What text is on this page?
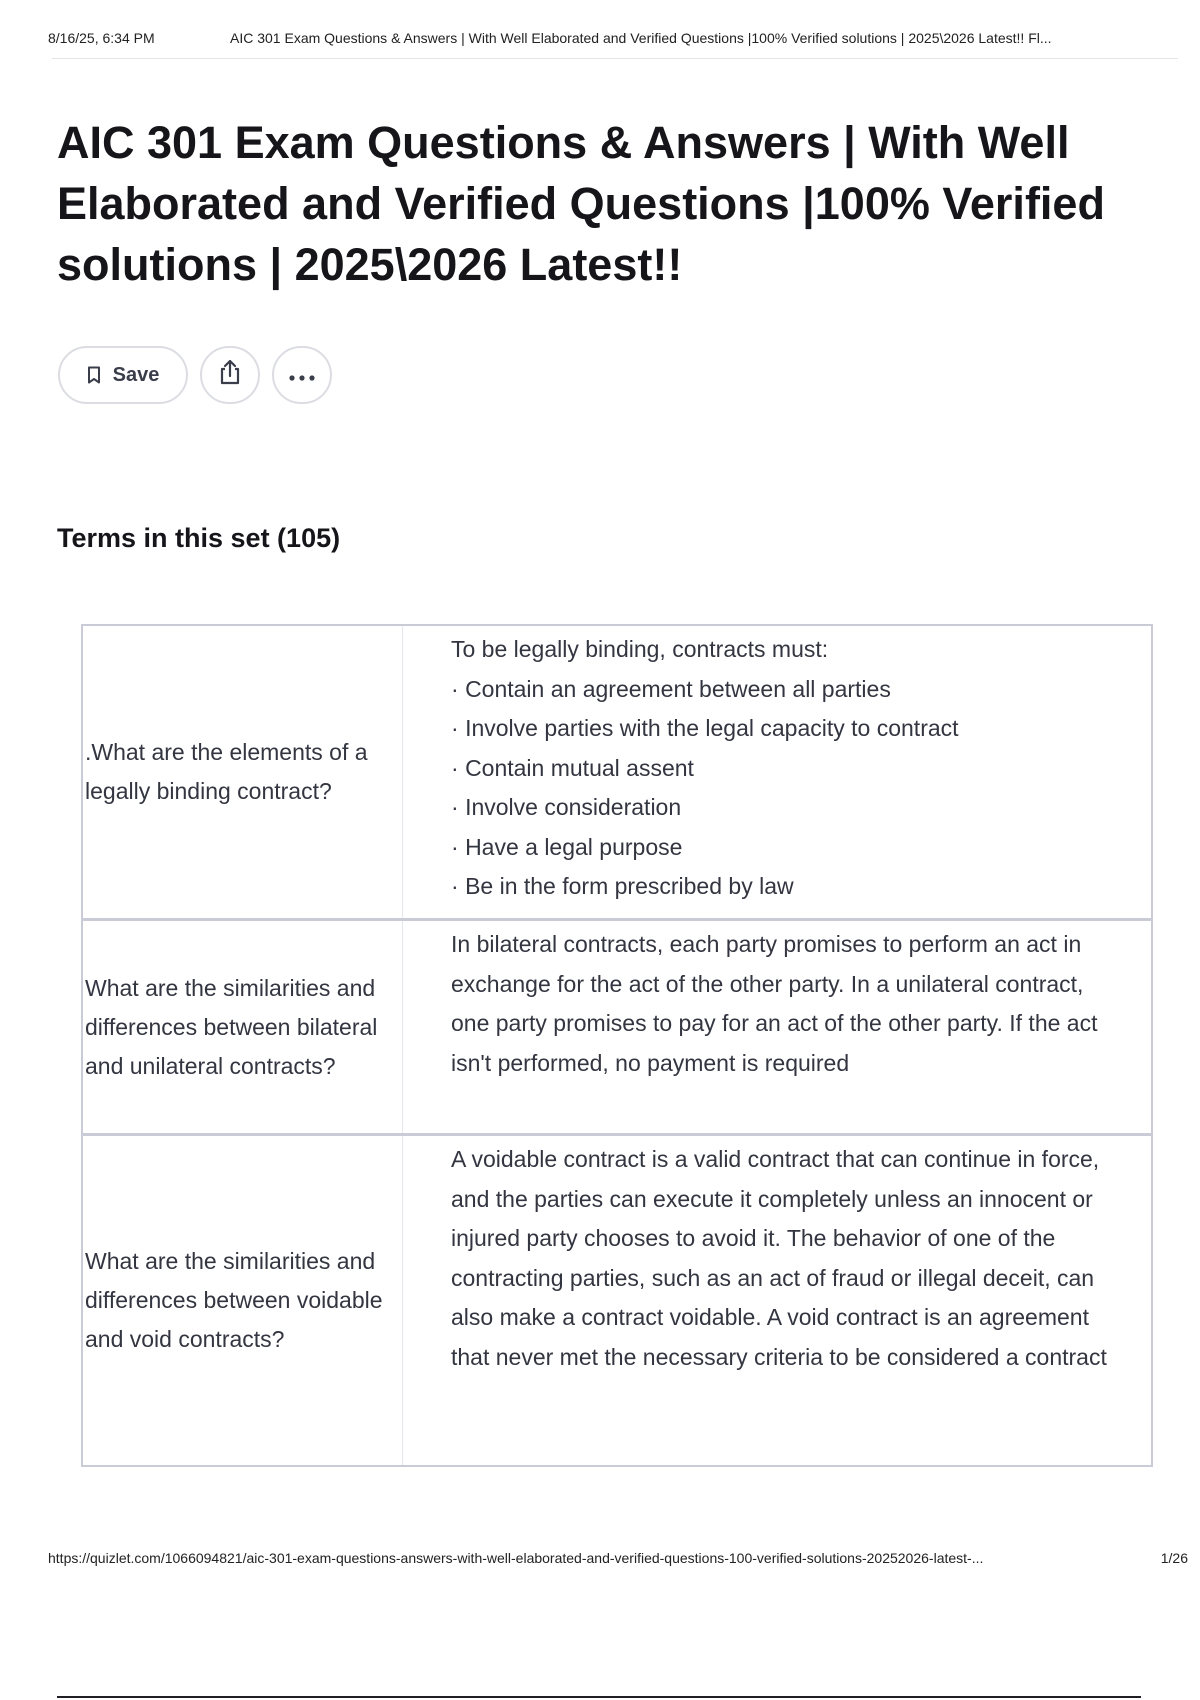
8/16/25, 6:34 PM	AIC 301 Exam Questions & Answers | With Well Elaborated and Verified Questions |100% Verified solutions | 2025\2026 Latest!! Fl...
AIC 301 Exam Questions & Answers | With Well Elaborated and Verified Questions |100% Verified solutions | 2025\2026 Latest!!
Save
Terms in this set (105)
.What are the elements of a legally binding contract?
To be legally binding, contracts must:
· Contain an agreement between all parties
· Involve parties with the legal capacity to contract
· Contain mutual assent
· Involve consideration
· Have a legal purpose
· Be in the form prescribed by law
What are the similarities and differences between bilateral and unilateral contracts?
In bilateral contracts, each party promises to perform an act in exchange for the act of the other party. In a unilateral contract, one party promises to pay for an act of the other party. If the act isn't performed, no payment is required
What are the similarities and differences between voidable and void contracts?
A voidable contract is a valid contract that can continue in force, and the parties can execute it completely unless an innocent or injured party chooses to avoid it. The behavior of one of the contracting parties, such as an act of fraud or illegal deceit, can also make a contract voidable. A void contract is an agreement that never met the necessary criteria to be considered a contract
https://quizlet.com/1066094821/aic-301-exam-questions-answers-with-well-elaborated-and-verified-questions-100-verified-solutions-20252026-latest-...	1/26
